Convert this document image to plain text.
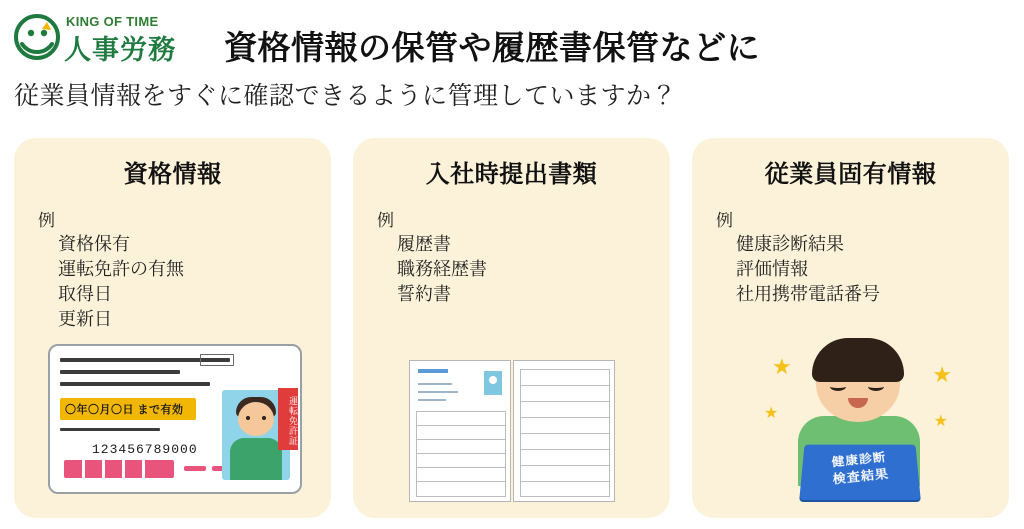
KING OF TIME
人事労務 資格情報の保管や履歴書保管などに
従業員情報をすぐに確認できるように管理していますか？
資格情報
例
資格保有
運転免許の有無
取得日
更新日
〇年〇月〇日 まで有効
123456789000
運転免許証
入社時提出書類
例
履歴書
職務経歴書
誓約書
従業員固有情報
例
健康診断結果
評価情報
社用携帯電話番号
★
★
★
★
健康診断
検査結果
